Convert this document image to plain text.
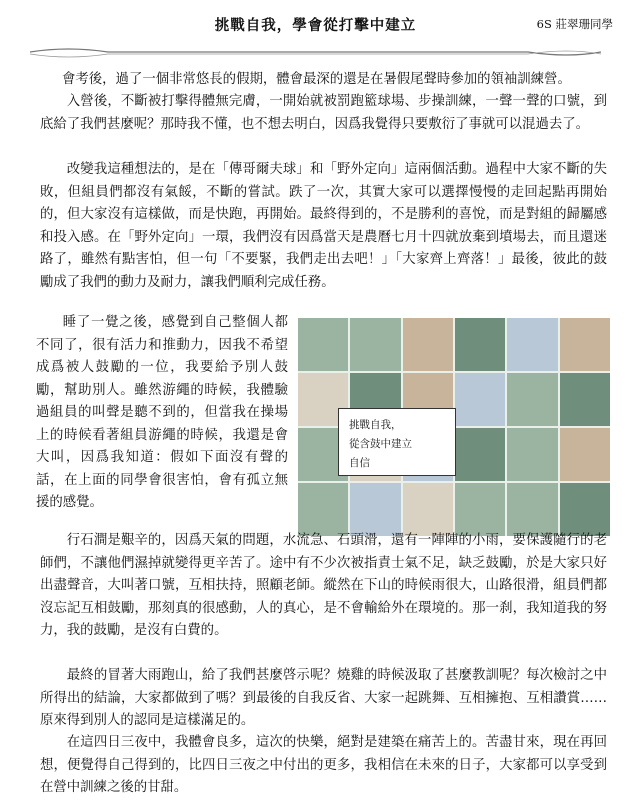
挑戰自我，學會從打擊中建立	6S 莊翠珊同學

會考後，過了一個非常悠長的假期，體會最深的還是在暑假尾聲時參加的領袖訓練營。

入營後，不斷被打擊得體無完膚，一開始就被罰跑籃球場、步操訓練，一聲一聲的口號，到底給了我們甚麼呢？那時我不懂，也不想去明白，因爲我覺得只要敷衍了事就可以混過去了。

改變我這種想法的，是在「傳哥爾夫球」和「野外定向」這兩個活動。過程中大家不斷的失敗，但組員們都沒有氣餒，不斷的嘗試。跌了一次，其實大家可以選擇慢慢的走回起點再開始的，但大家沒有這樣做，而是快跑，再開始。最終得到的，不是勝利的喜悅，而是對組的歸屬感和投入感。在「野外定向」一環，我們沒有因爲當天是農曆七月十四就放棄到墳場去，而且還迷路了，雖然有點害怕，但一句「不要緊，我們走出去吧！」「大家齊上齊落！」最後，彼此的鼓勵成了我們的動力及耐力，讓我們順利完成任務。

睡了一覺之後，感覺到自己整個人都不同了，很有活力和推動力，因我不希望成爲被人鼓勵的一位，我要給予別人鼓勵，幫助別人。雖然游繩的時候，我體驗過組員的叫聲是聽不到的，但當我在操場上的時候看著組員游繩的時候，我還是會大叫，因爲我知道：假如下面沒有聲的話，在上面的同學會很害怕，會有孤立無援的感覺。

挑戰自我，
從含鼓中建立
自信

行石澗是艱辛的，因爲天氣的問題，水流急、石頭滑，還有一陣陣的小雨，要保護隨行的老師們，不讓他們濕掉就變得更辛苦了。途中有不少次被指責士氣不足，缺乏鼓勵，於是大家只好出盡聲音，大叫著口號，互相扶持，照顧老師。縱然在下山的時候雨很大，山路很滑，組員們都沒忘記互相鼓勵，那刻真的很感動，人的真心，是不會輸給外在環境的。那一刹，我知道我的努力，我的鼓勵，是沒有白費的。

最終的冒著大雨跑山，給了我們甚麼啓示呢？燒雞的時候汲取了甚麼教訓呢？每次檢討之中所得出的結論，大家都做到了嗎？到最後的自我反省、大家一起跳舞、互相擁抱、互相讚賞……原來得到別人的認同是這樣滿足的。

在這四日三夜中，我體會良多，這次的快樂，絕對是建築在痛苦上的。苦盡甘來，現在再回想，便覺得自己得到的，比四日三夜之中付出的更多，我相信在未來的日子，大家都可以享受到在營中訓練之後的甘甜。
